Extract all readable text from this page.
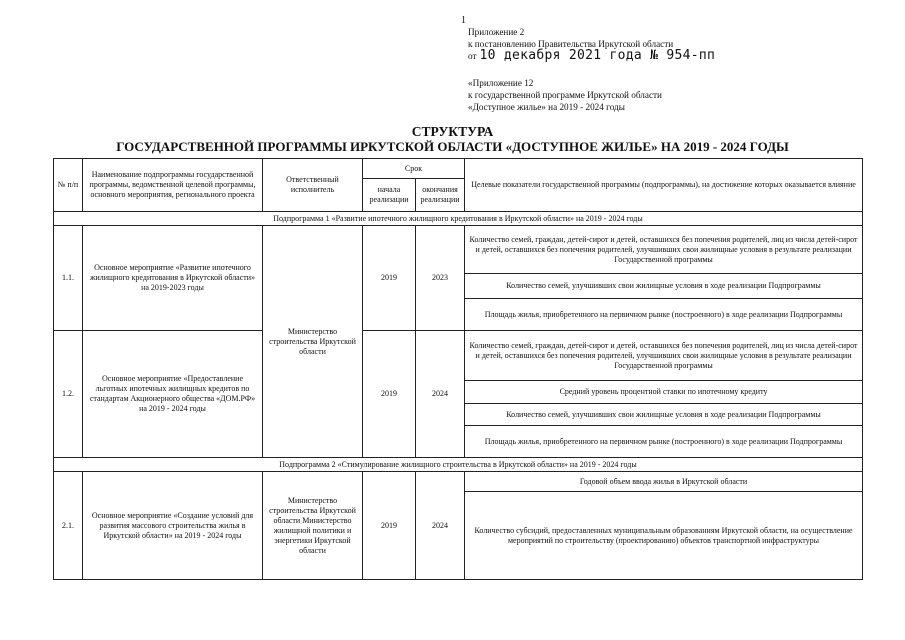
1
Приложение 2
к постановлению Правительства Иркутской области
от 10 декабря 2021 года № 954-пп
«Приложение 12
к государственной программе Иркутской области
«Доступное жилье» на 2019 - 2024 годы
СТРУКТУРА
ГОСУДАРСТВЕННОЙ ПРОГРАММЫ ИРКУТСКОЙ ОБЛАСТИ «ДОСТУПНОЕ ЖИЛЬЕ» НА 2019 - 2024 ГОДЫ
№ п/п	Наименование подпрограммы государственной программы, ведомственной целевой программы, основного мероприятия, регионального проекта	Ответственный исполнитель	Срок		Целевые показатели государственной программы (подпрограммы), на достижение которых оказывается влияние
			начала реализации	окончания реализации	
Подпрограмма 1 «Развитие ипотечного жилищного кредитования в Иркутской области» на 2019 - 2024 годы					
1.1.	Основное мероприятие «Развитие ипотечного жилищного кредитования в Иркутской области» на 2019-2023 годы	Министерство строительства Иркутской области	2019	2023	Количество семей, граждан, детей-сирот и детей, оставшихся без попечения родителей, лиц из числа детей-сирот и детей, оставшихся без попечения родителей, улучшивших свои жилищные условия в результате реализации Государственной программы
					Количество семей, улучшивших свои жилищные условия в ходе реализации Подпрограммы
					Площадь жилья, приобретенного на первичном рынке (построенного) в ходе реализации Подпрограммы
1.2.	Основное мероприятие «Предоставление льготных ипотечных жилищных кредитов по стандартам Акционерного общества «ДОМ.РФ» на 2019 - 2024 годы		2019	2024	Количество семей, граждан, детей-сирот и детей, оставшихся без попечения родителей, лиц из числа детей-сирот и детей, оставшихся без попечения родителей, улучшивших свои жилищные условия в результате реализации Государственной программы
					Средний уровень процентной ставки по ипотечному кредиту
					Количество семей, улучшивших свои жилищные условия в ходе реализации Подпрограммы
					Площадь жилья, приобретенного на первичном рынке (построенного) в ходе реализации Подпрограммы
Подпрограмма 2 «Стимулирование жилищного строительства в Иркутской области» на 2019 - 2024 годы					
2.1.	Основное мероприятие «Создание условий для развития массового строительства жилья в Иркутской области» на 2019 - 2024 годы	Министерство строительства Иркутской области Министерство жилищной политики и энергетики Иркутской области	2019	2024	Годовой объем ввода жилья в Иркутской области
					Количество субсидий, предоставленных муниципальным образованиям Иркутской области, на осуществление мероприятий по строительству (проектированию) объектов транспортной инфраструктуры
